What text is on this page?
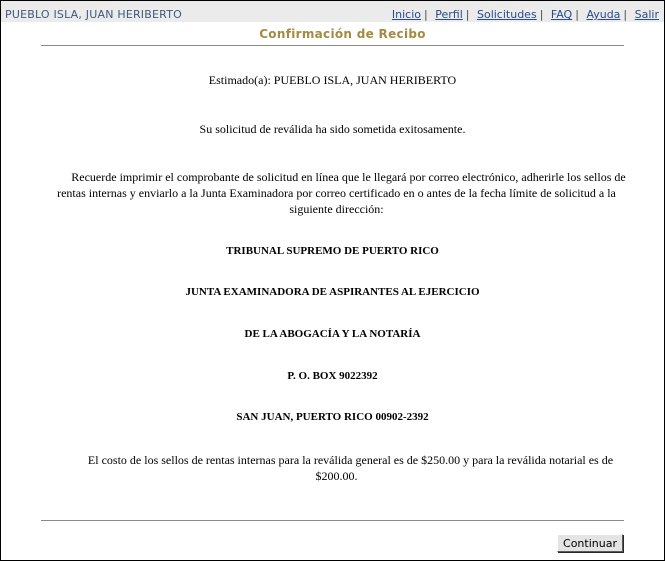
PUEBLO ISLA, JUAN HERIBERTO	Inicio | Perfil | Solicitudes | FAQ | Ayuda | Salir
Confirmación de Recibo
Estimado(a): PUEBLO ISLA, JUAN HERIBERTO
Su solicitud de reválida ha sido sometida exitosamente.
Recuerde imprimir el comprobante de solicitud en línea que le llegará por correo electrónico, adherirle los sellos de rentas internas y enviarlo a la Junta Examinadora por correo certificado en o antes de la fecha límite de solicitud a la siguiente dirección:
TRIBUNAL SUPREMO DE PUERTO RICO
JUNTA EXAMINADORA DE ASPIRANTES AL EJERCICIO
DE LA ABOGACÍA Y LA NOTARÍA
P. O. BOX 9022392
SAN JUAN, PUERTO RICO 00902-2392
El costo de los sellos de rentas internas para la reválida general es de $250.00 y para la reválida notarial es de $200.00.
Continuar
